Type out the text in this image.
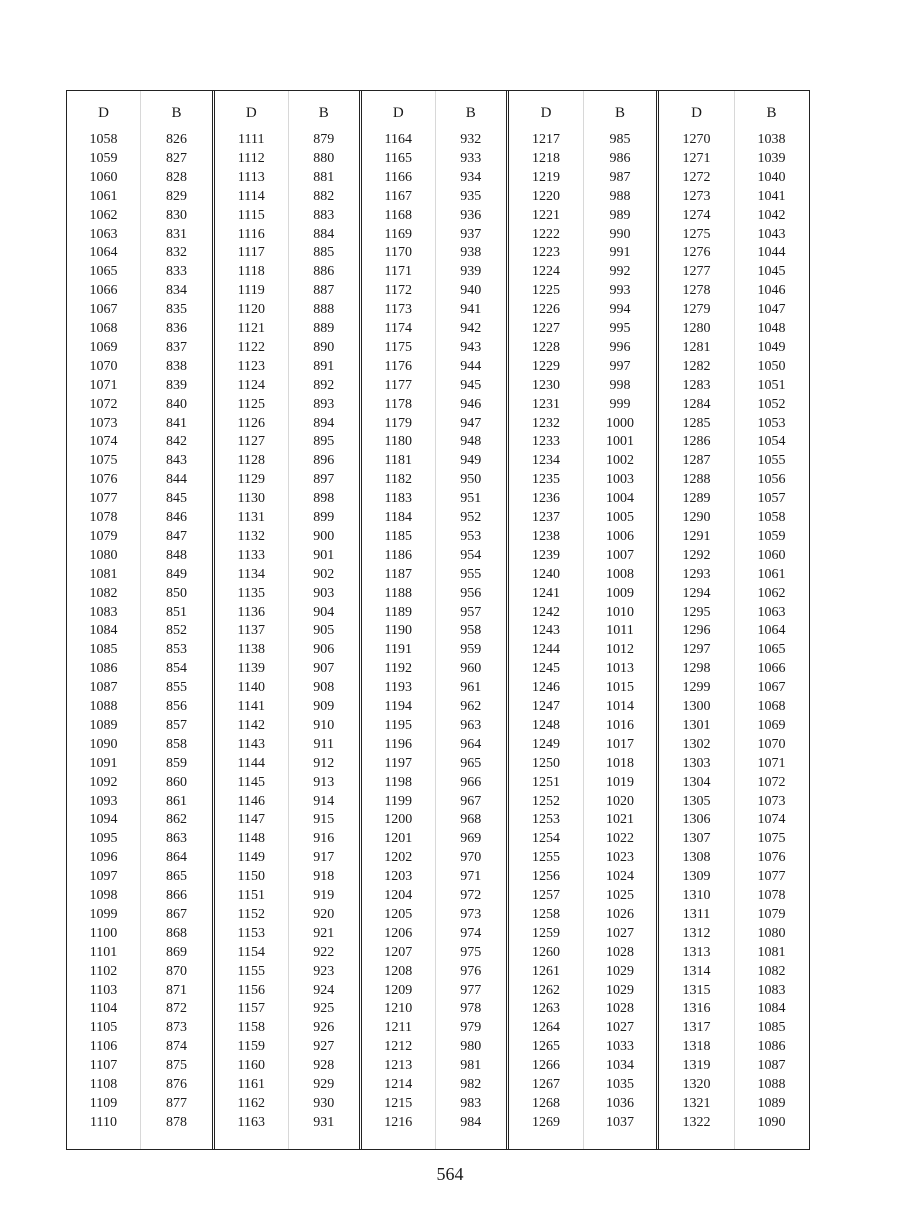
D
1058
1059
1060
1061
1062
1063
1064
1065
1066
1067
1068
1069
1070
1071
1072
1073
1074
1075
1076
1077
1078
1079
1080
1081
1082
1083
1084
1085
1086
1087
1088
1089
1090
1091
1092
1093
1094
1095
1096
1097
1098
1099
1100
1101
1102
1103
1104
1105
1106
1107
1108
1109
1110
B
826
827
828
829
830
831
832
833
834
835
836
837
838
839
840
841
842
843
844
845
846
847
848
849
850
851
852
853
854
855
856
857
858
859
860
861
862
863
864
865
866
867
868
869
870
871
872
873
874
875
876
877
878
D
1111
1112
1113
1114
1115
1116
1117
1118
1119
1120
1121
1122
1123
1124
1125
1126
1127
1128
1129
1130
1131
1132
1133
1134
1135
1136
1137
1138
1139
1140
1141
1142
1143
1144
1145
1146
1147
1148
1149
1150
1151
1152
1153
1154
1155
1156
1157
1158
1159
1160
1161
1162
1163
B
879
880
881
882
883
884
885
886
887
888
889
890
891
892
893
894
895
896
897
898
899
900
901
902
903
904
905
906
907
908
909
910
911
912
913
914
915
916
917
918
919
920
921
922
923
924
925
926
927
928
929
930
931
D
1164
1165
1166
1167
1168
1169
1170
1171
1172
1173
1174
1175
1176
1177
1178
1179
1180
1181
1182
1183
1184
1185
1186
1187
1188
1189
1190
1191
1192
1193
1194
1195
1196
1197
1198
1199
1200
1201
1202
1203
1204
1205
1206
1207
1208
1209
1210
1211
1212
1213
1214
1215
1216
B
932
933
934
935
936
937
938
939
940
941
942
943
944
945
946
947
948
949
950
951
952
953
954
955
956
957
958
959
960
961
962
963
964
965
966
967
968
969
970
971
972
973
974
975
976
977
978
979
980
981
982
983
984
D
1217
1218
1219
1220
1221
1222
1223
1224
1225
1226
1227
1228
1229
1230
1231
1232
1233
1234
1235
1236
1237
1238
1239
1240
1241
1242
1243
1244
1245
1246
1247
1248
1249
1250
1251
1252
1253
1254
1255
1256
1257
1258
1259
1260
1261
1262
1263
1264
1265
1266
1267
1268
1269
B
985
986
987
988
989
990
991
992
993
994
995
996
997
998
999
1000
1001
1002
1003
1004
1005
1006
1007
1008
1009
1010
1011
1012
1013
1015
1014
1016
1017
1018
1019
1020
1021
1022
1023
1024
1025
1026
1027
1028
1029
1029
1028
1027
1033
1034
1035
1036
1037
D
1270
1271
1272
1273
1274
1275
1276
1277
1278
1279
1280
1281
1282
1283
1284
1285
1286
1287
1288
1289
1290
1291
1292
1293
1294
1295
1296
1297
1298
1299
1300
1301
1302
1303
1304
1305
1306
1307
1308
1309
1310
1311
1312
1313
1314
1315
1316
1317
1318
1319
1320
1321
1322
B
1038
1039
1040
1041
1042
1043
1044
1045
1046
1047
1048
1049
1050
1051
1052
1053
1054
1055
1056
1057
1058
1059
1060
1061
1062
1063
1064
1065
1066
1067
1068
1069
1070
1071
1072
1073
1074
1075
1076
1077
1078
1079
1080
1081
1082
1083
1084
1085
1086
1087
1088
1089
1090
564
